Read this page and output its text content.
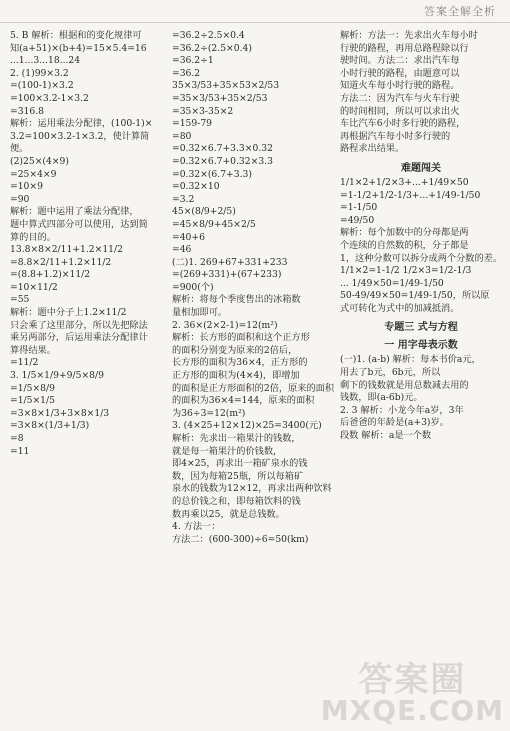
答案全解全析
5. B 解析：根据和的变化规律可
知(a+51)×(b+4)=15×5.4=16
...1...3...18...24
2. (1)99×3.2
=(100-1)×3.2
=100×3.2-1×3.2
=316.8
解析：运用乘法分配律，(100-1)×
3.2=100×3.2-1×3.2，使计算简
便。
(2)25×(4×9)
=25×4×9
=10×9
=90
解析：题中运用了乘法分配律，
题中算式四部分可以使用，达到简
算的目的。
13.8×8×2/11+1.2×11/2
=8.8×2/11+1.2×11/2
=(8.8+1.2)×11/2
=10×11/2
=55
解析：题中分子上1.2×11/2
只会乘了这里部分，所以先把除法
乘另两部分，后运用乘法分配律计
算得结果。
=11/2
3. 1/5×1/9+9/5×8/9
=1/5×8/9
=1/5×1/5
=3×8×1/3+3×8×1/3
=3×8×(1/3+1/3)
=8
=11
=36.2÷2.5×0.4
=36.2÷(2.5×0.4)
=36.2÷1
=36.2
35×3/53+35×53×2/53
=35×3/53+35×2/53
=35×3-35×2
=159-79
=80
=0.32×6.7+3.3×0.32
=0.32×6.7+0.32×3.3
=0.32×(6.7+3.3)
=0.32×10
=3.2
45×(8/9+2/5)
=45×8/9+45×2/5
=40+6
=46
(二)1. 269+67+331+233
=(269+331)+(67+233)
=900(个)
解析：将每个季度售出的冰箱数
量相加即可。
2. 36×(2×2-1)=12(m²)
解析：长方形的面积和这个正方形
的面积分别变为原来的2倍后，
长方形的面积为36×4，正方形的
正方形的面积为(4×4)，即增加
的面积是正方形面积的2倍，原来的面积
的面积为36×4=144，原来的面积
为36÷3=12(m²)
3. (4×25+12×12)×25=3400(元)
解析：先求出一箱果汁的钱数，
就是每一箱果汁的价钱数，
即4×25，再求出一箱矿泉水的钱
数，因为每箱25瓶，所以每箱矿
泉水的钱数为12×12，再求出两种饮料
的总价钱之和，即每箱饮料的钱
数再乘以25，就是总钱数。
4. 方法一：
方法二：(600-300)÷6=50(km)
解析：方法一：先求出火车每小时
行驶的路程，再用总路程除以行
驶时间。方法二：求出汽车每
小时行驶的路程，由题意可以
知道火车每小时行驶的路程。
方法二：因为汽车与火车行驶
的时间相同，所以可以求出火
车比汽车6小时多行驶的路程，
再根据汽车每小时多行驶的
路程求出结果。
难题闯关
1/1×2+1/2×3+...+1/49×50
=1-1/2+1/2-1/3+...+1/49-1/50
=1-1/50
=49/50
解析：每个加数中的分母都是两
个连续的自然数的积，分子都是
1，这种分数可以拆分成两个分数的差。
1/1×2=1-1/2 1/2×3=1/2-1/3
... 1/49×50=1/49-1/50
50-49/49×50=1/49-1/50，所以原
式可转化为式中的加减抵消。
专题三 式与方程
一 用字母表示数
(一)1. (a-b) 解析：每本书价a元，
用去了b元，6b元，所以
剩下的钱数就是用总数减去用的
钱数，即(a-6b)元。
2. 3 解析：小龙今年a岁，3年
后爸爸的年龄是(a+3)岁。
段数 解析：a是一个数
答案圈
MXQE.COM
